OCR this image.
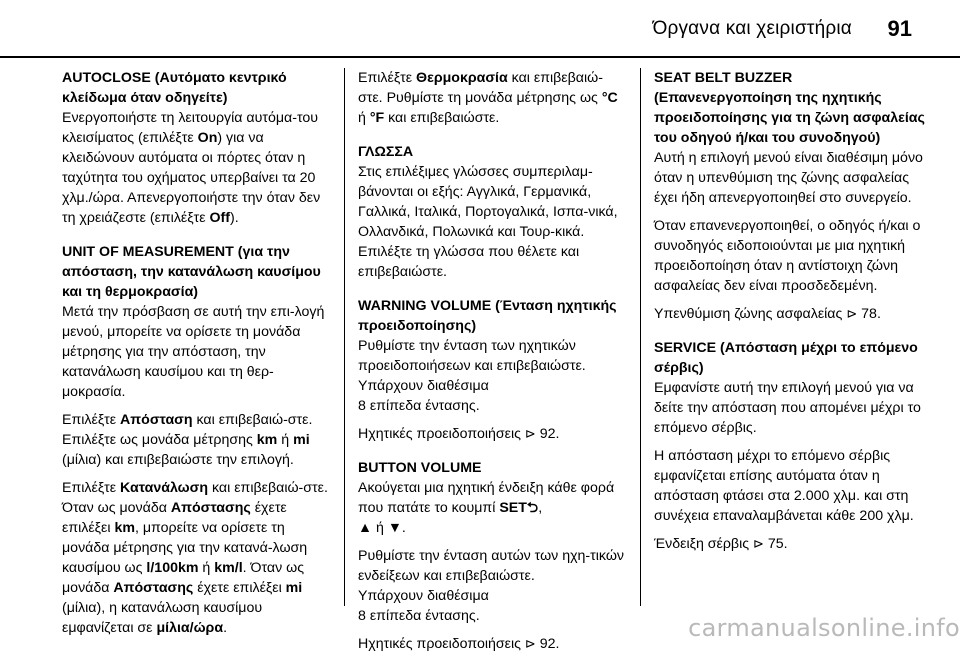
Όργανα και χειριστήρια 91

AUTOCLOSE (Αυτόματο κεντρικό κλείδωμα όταν οδηγείτε)

Ενεργοποιήστε τη λειτουργία αυτόμα-του κλεισίματος (επιλέξτε On) για να κλειδώνουν αυτόματα οι πόρτες όταν η ταχύτητα του οχήματος υπερβαίνει τα 20 χλμ./ώρα. Απενεργοποιήστε την όταν δεν τη χρειάζεστε (επιλέξτε Off).

UNIT OF MEASUREMENT (για την απόσταση, την κατανάλωση καυσίμου και τη θερμοκρασία)

Μετά την πρόσβαση σε αυτή την επι-λογή μενού, μπορείτε να ορίσετε τη μονάδα μέτρησης για την απόσταση, την κατανάλωση καυσίμου και τη θερ-μοκρασία.

Επιλέξτε Απόσταση και επιβεβαιώ-στε. Επιλέξτε ως μονάδα μέτρησης km ή mi (μίλια) και επιβεβαιώστε την επιλογή.

Επιλέξτε Κατανάλωση και επιβεβαιώ-στε. Όταν ως μονάδα Απόστασης έχετε επιλέξει km, μπορείτε να ορίσετε τη μονάδα μέτρησης για την κατανά-λωση καυσίμου ως l/100km ή km/l. Όταν ως μονάδα Απόστασης έχετε επιλέξει mi (μίλια), η κατανάλωση καυσίμου εμφανίζεται σε μίλια/ώρα.

Επιλέξτε Θερμοκρασία και επιβεβαιώ-στε. Ρυθμίστε τη μονάδα μέτρησης ως °C ή °F και επιβεβαιώστε.

ΓΛΩΣΣΑ

Στις επιλέξιμες γλώσσες συμπεριλαμ-βάνονται οι εξής: Αγγλικά, Γερμανικά, Γαλλικά, Ιταλικά, Πορτογαλικά, Ισπα-νικά, Ολλανδικά, Πολωνικά και Τουρ-κικά. Επιλέξτε τη γλώσσα που θέλετε και επιβεβαιώστε.

WARNING VOLUME (Ένταση ηχητικής προειδοποίησης)

Ρυθμίστε την ένταση των ηχητικών προειδοποιήσεων και επιβεβαιώστε.

Υπάρχουν διαθέσιμα

8 επίπεδα έντασης.

Ηχητικές προειδοποιήσεις ⊳ 92.

BUTTON VOLUME

Ακούγεται μια ηχητική ένδειξη κάθε φορά που πατάτε το κουμπί SET⮌,
▲ ή ▼.

Ρυθμίστε την ένταση αυτών των ηχη-τικών ενδείξεων και επιβεβαιώστε.

Υπάρχουν διαθέσιμα

8 επίπεδα έντασης.

Ηχητικές προειδοποιήσεις ⊳ 92.

SEAT BELT BUZZER (Επανενεργοποίηση της ηχητικής προειδοποίησης για τη ζώνη ασφαλείας του οδηγού ή/και του συνοδηγού)

Αυτή η επιλογή μενού είναι διαθέσιμη μόνο όταν η υπενθύμιση της ζώνης ασφαλείας έχει ήδη απενεργοποιηθεί στο συνεργείο.

Όταν επανενεργοποιηθεί, ο οδηγός ή/και ο συνοδηγός ειδοποιούνται με μια ηχητική προειδοποίηση όταν η αντίστοιχη ζώνη ασφαλείας δεν είναι προσδεδεμένη.

Υπενθύμιση ζώνης ασφαλείας ⊳ 78.

SERVICE (Απόσταση μέχρι το επόμενο σέρβις)

Εμφανίστε αυτή την επιλογή μενού για να δείτε την απόσταση που απομένει μέχρι το επόμενο σέρβις.

Η απόσταση μέχρι το επόμενο σέρβις εμφανίζεται επίσης αυτόματα όταν η απόσταση φτάσει στα 2.000 χλμ. και στη συνέχεια επαναλαμβάνεται κάθε 200 χλμ.

Ένδειξη σέρβις ⊳ 75.

carmanualsonline.info
